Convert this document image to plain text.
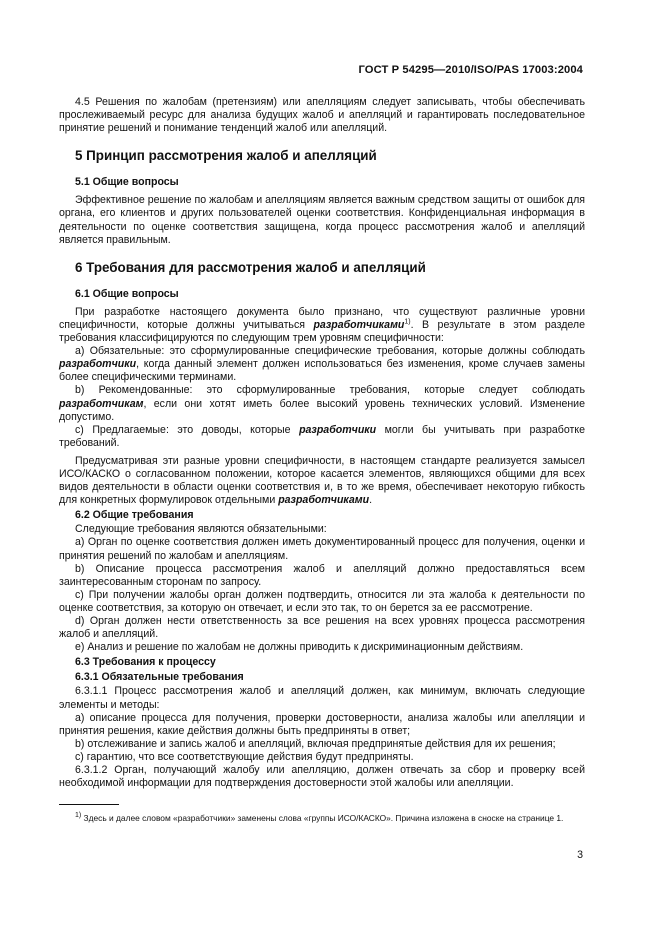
ГОСТ Р 54295—2010/ISO/PAS 17003:2004

4.5 Решения по жалобам (претензиям) или апелляциям следует записывать, чтобы обеспечивать прослеживаемый ресурс для анализа будущих жалоб и апелляций и гарантировать последовательное принятие решений и понимание тенденций жалоб или апелляций.

5 Принцип рассмотрения жалоб и апелляций
5.1 Общие вопросы

Эффективное решение по жалобам и апелляциям является важным средством защиты от ошибок для органа, его клиентов и других пользователей оценки соответствия. Конфиденциальная информация в деятельности по оценке соответствия защищена, когда процесс рассмотрения жалоб и апелляций является правильным.

6 Требования для рассмотрения жалоб и апелляций
6.1 Общие вопросы

При разработке настоящего документа было признано, что существуют различные уровни специфичности, которые должны учитываться разработчиками$^{1)}$. В результате в этом разделе требования классифицируются по следующим трем уровням специфичности:

а) Обязательные: это сформулированные специфические требования, которые должны соблюдать разработчики, когда данный элемент должен использоваться без изменения, кроме случаев замены более специфическими терминами.

b) Рекомендованные: это сформулированные требования, которые следует соблюдать разработчикам, если они хотят иметь более высокий уровень технических условий. Изменение допустимо.

c) Предлагаемые: это доводы, которые разработчики могли бы учитывать при разработке требований.

Предусматривая эти разные уровни специфичности, в настоящем стандарте реализуется замысел ИСО/КАСКО о согласованном положении, которое касается элементов, являющихся общими для всех видов деятельности в области оценки соответствия и, в то же время, обеспечивает некоторую гибкость для конкретных формулировок отдельными разработчиками.

6.2 Общие требования

Следующие требования являются обязательными:

а) Орган по оценке соответствия должен иметь документированный процесс для получения, оценки и принятия решений по жалобам и апелляциям.

b) Описание процесса рассмотрения жалоб и апелляций должно предоставляться всем заинтересованным сторонам по запросу.

c) При получении жалобы орган должен подтвердить, относится ли эта жалоба к деятельности по оценке соответствия, за которую он отвечает, и если это так, то он берется за ее рассмотрение.

d) Орган должен нести ответственность за все решения на всех уровнях процесса рассмотрения жалоб и апелляций.

e) Анализ и решение по жалобам не должны приводить к дискриминационным действиям.

6.3 Требования к процессу
6.3.1 Обязательные требования

6.3.1.1 Процесс рассмотрения жалоб и апелляций должен, как минимум, включать следующие элементы и методы:

а) описание процесса для получения, проверки достоверности, анализа жалобы или апелляции и принятия решения, какие действия должны быть предприняты в ответ;

b) отслеживание и запись жалоб и апелляций, включая предпринятые действия для их решения;

c) гарантию, что все соответствующие действия будут предприняты.

6.3.1.2 Орган, получающий жалобу или апелляцию, должен отвечать за сбор и проверку всей необходимой информации для подтверждения достоверности этой жалобы или апелляции.

$^{1)}$ Здесь и далее словом «разработчики» заменены слова «группы ИСО/КАСКО». Причина изложена в сноске на странице 1.
3
